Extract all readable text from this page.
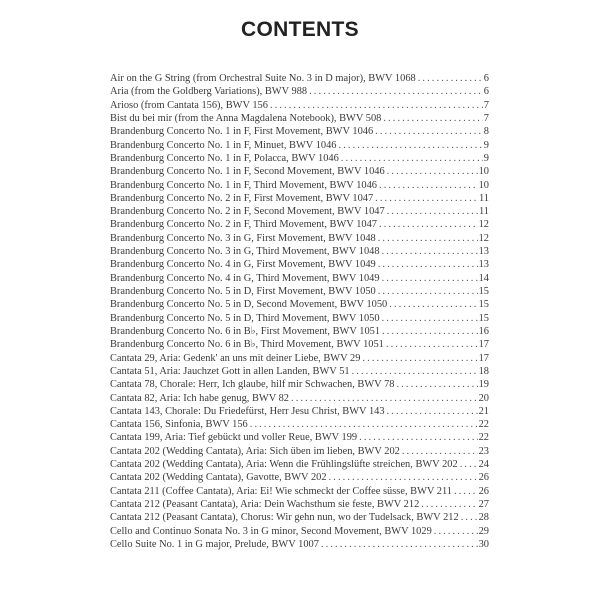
CONTENTS
Air on the G String (from Orchestral Suite No. 3 in D major), BWV 1068 . . .	6
Aria (from the Goldberg Variations), BWV 988 . . .	6
Arioso (from Cantata 156), BWV 156 . . .	7
Bist du bei mir (from the Anna Magdalena Notebook), BWV 508 . . .	7
Brandenburg Concerto No. 1 in F, First Movement, BWV 1046 . . .	8
Brandenburg Concerto No. 1 in F, Minuet, BWV 1046 . . .	9
Brandenburg Concerto No. 1 in F, Polacca, BWV 1046 . . .	9
Brandenburg Concerto No. 1 in F, Second Movement, BWV 1046 . . .	10
Brandenburg Concerto No. 1 in F, Third Movement, BWV 1046 . . .	10
Brandenburg Concerto No. 2 in F, First Movement, BWV 1047 . . .	11
Brandenburg Concerto No. 2 in F, Second Movement, BWV 1047 . . .	11
Brandenburg Concerto No. 2 in F, Third Movement, BWV 1047 . . .	12
Brandenburg Concerto No. 3 in G, First Movement, BWV 1048 . . .	12
Brandenburg Concerto No. 3 in G, Third Movement, BWV 1048 . . .	13
Brandenburg Concerto No. 4 in G, First Movement, BWV 1049 . . .	13
Brandenburg Concerto No. 4 in G, Third Movement, BWV 1049 . . .	14
Brandenburg Concerto No. 5 in D, First Movement, BWV 1050 . . .	15
Brandenburg Concerto No. 5 in D, Second Movement, BWV 1050 . . .	15
Brandenburg Concerto No. 5 in D, Third Movement, BWV 1050 . . .	15
Brandenburg Concerto No. 6 in B♭, First Movement, BWV 1051 . . .	16
Brandenburg Concerto No. 6 in B♭, Third Movement, BWV 1051 . . .	17
Cantata 29, Aria: Gedenk' an uns mit deiner Liebe, BWV 29 . . .	17
Cantata 51, Aria: Jauchzet Gott in allen Landen, BWV 51 . . .	18
Cantata 78, Chorale: Herr, Ich glaube, hilf mir Schwachen, BWV 78 . . .	19
Cantata 82, Aria: Ich habe genug, BWV 82 . . .	20
Cantata 143, Chorale: Du Friedefürst, Herr Jesu Christ, BWV 143 . . .	21
Cantata 156, Sinfonia, BWV 156 . . .	22
Cantata 199, Aria: Tief gebückt und voller Reue, BWV 199 . . .	22
Cantata 202 (Wedding Cantata), Aria: Sich üben im lieben, BWV 202 . . .	23
Cantata 202 (Wedding Cantata), Aria: Wenn die Frühlingslüfte streichen, BWV 202 . . . 24
Cantata 202 (Wedding Cantata), Gavotte, BWV 202 . . .	26
Cantata 211 (Coffee Cantata), Aria: Ei! Wie schmeckt der Coffee süsse, BWV 211 . . .	26
Cantata 212 (Peasant Cantata), Aria: Dein Wachsthum sie feste, BWV 212 . . .	27
Cantata 212 (Peasant Cantata), Chorus: Wir gehn nun, wo der Tudelsack, BWV 212 . . . 28
Cello and Continuo Sonata No. 3 in G minor, Second Movement, BWV 1029 . . .	29
Cello Suite No. 1 in G major, Prelude, BWV 1007 . . .	30
